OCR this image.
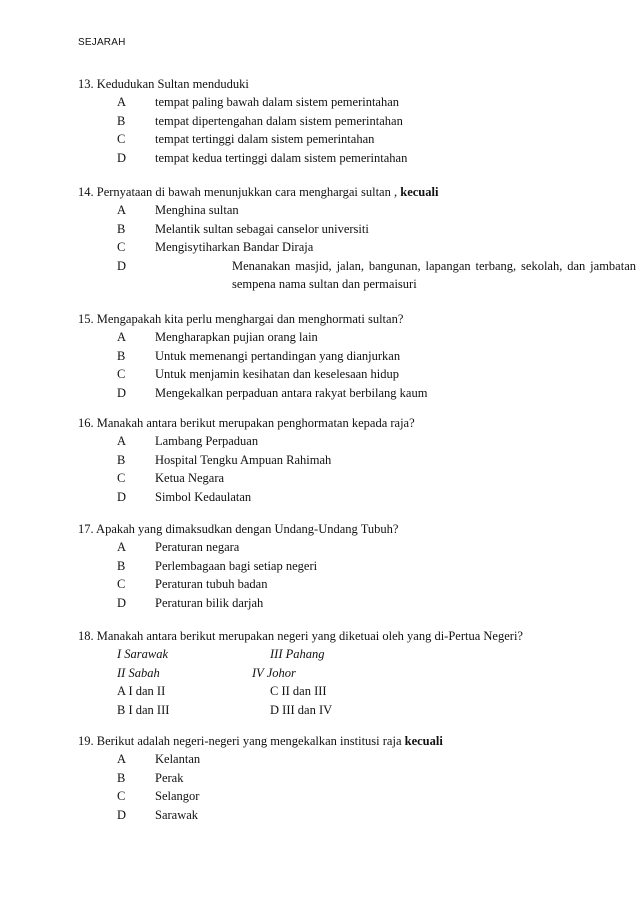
SEJARAH
13. Kedudukan Sultan menduduki
A tempat paling bawah dalam sistem pemerintahan
B tempat dipertengahan dalam sistem pemerintahan
C tempat tertinggi dalam sistem pemerintahan
D tempat kedua tertinggi dalam sistem pemerintahan
14. Pernyataan di bawah menunjukkan cara menghargai sultan , kecuali
A Menghina sultan
B Melantik sultan sebagai canselor universiti
C Mengisytiharkan Bandar Diraja
D	Menanakan masjid, jalan, bangunan, lapangan terbang, sekolah, dan jambatan sempena nama sultan dan permaisuri
15. Mengapakah kita perlu menghargai dan menghormati sultan?
A Mengharapkan pujian orang lain
B Untuk memenangi pertandingan yang dianjurkan
C Untuk menjamin kesihatan dan keselesaan hidup
D Mengekalkan perpaduan antara rakyat berbilang kaum
16. Manakah antara berikut merupakan penghormatan kepada raja?
A Lambang Perpaduan
B Hospital Tengku Ampuan Rahimah
C Ketua Negara
D Simbol Kedaulatan
17. Apakah yang dimaksudkan dengan Undang-Undang Tubuh?
A Peraturan negara
B Perlembagaan bagi setiap negeri
C Peraturan tubuh badan
D Peraturan bilik darjah
18. Manakah antara berikut merupakan negeri yang diketuai oleh yang di-Pertua Negeri?
I Sarawak	III Pahang
II Sabah	IV Johor
A I dan II	C II dan III
B I dan III	D III dan IV
19. Berikut adalah negeri-negeri yang mengekalkan institusi raja kecuali
A Kelantan
B Perak
C Selangor
D Sarawak
